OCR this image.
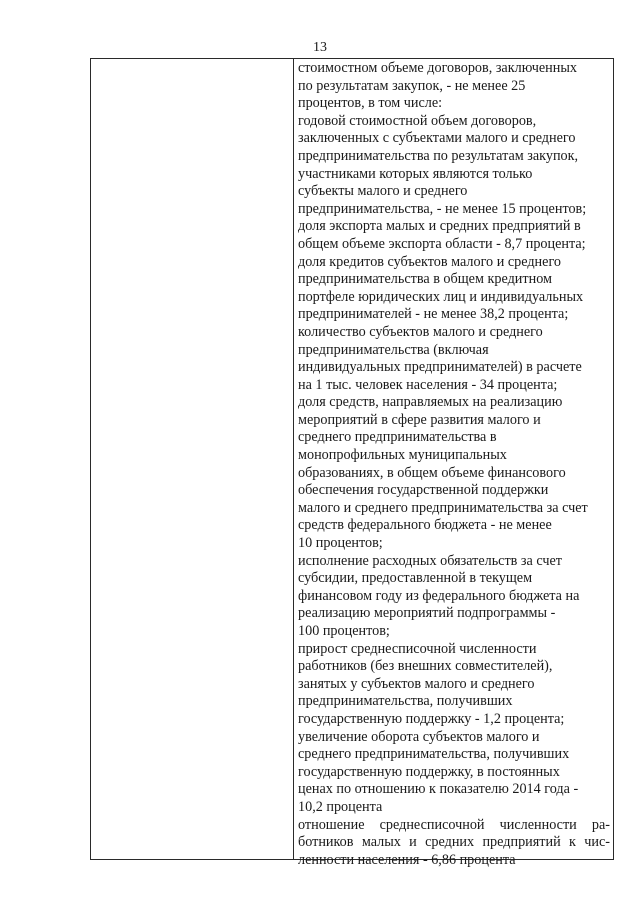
13
стоимостном объеме договоров, заключенных
по результатам закупок, - не менее 25
процентов, в том числе:
годовой стоимостной объем договоров,
заключенных с субъектами малого и среднего
предпринимательства по результатам закупок,
участниками которых являются только
субъекты малого и среднего
предпринимательства, - не менее 15 процентов;
доля экспорта малых и средних предприятий в
общем объеме экспорта области - 8,7 процента;
доля кредитов субъектов малого и среднего
предпринимательства в общем кредитном
портфеле юридических лиц и индивидуальных
предпринимателей - не менее 38,2 процента;
количество субъектов малого и среднего
предпринимательства (включая
индивидуальных предпринимателей) в расчете
на 1 тыс. человек населения - 34 процента;
доля средств, направляемых на реализацию
мероприятий в сфере развития малого и
среднего предпринимательства в
монопрофильных муниципальных
образованиях, в общем объеме финансового
обеспечения государственной поддержки
малого и среднего предпринимательства за счет
средств федерального бюджета - не менее
10 процентов;
исполнение расходных обязательств за счет
субсидии, предоставленной в текущем
финансовом году из федерального бюджета на
реализацию мероприятий подпрограммы -
100 процентов;
прирост среднесписочной численности
работников (без внешних совместителей),
занятых у субъектов малого и среднего
предпринимательства, получивших
государственную поддержку - 1,2 процента;
увеличение оборота субъектов малого и
среднего предпринимательства, получивших
государственную поддержку, в постоянных
ценах по отношению к показателю 2014 года -
10,2 процента
отношение среднесписочной численности ра-
ботников малых и средних предприятий к чис-
ленности населения - 6,86 процента
